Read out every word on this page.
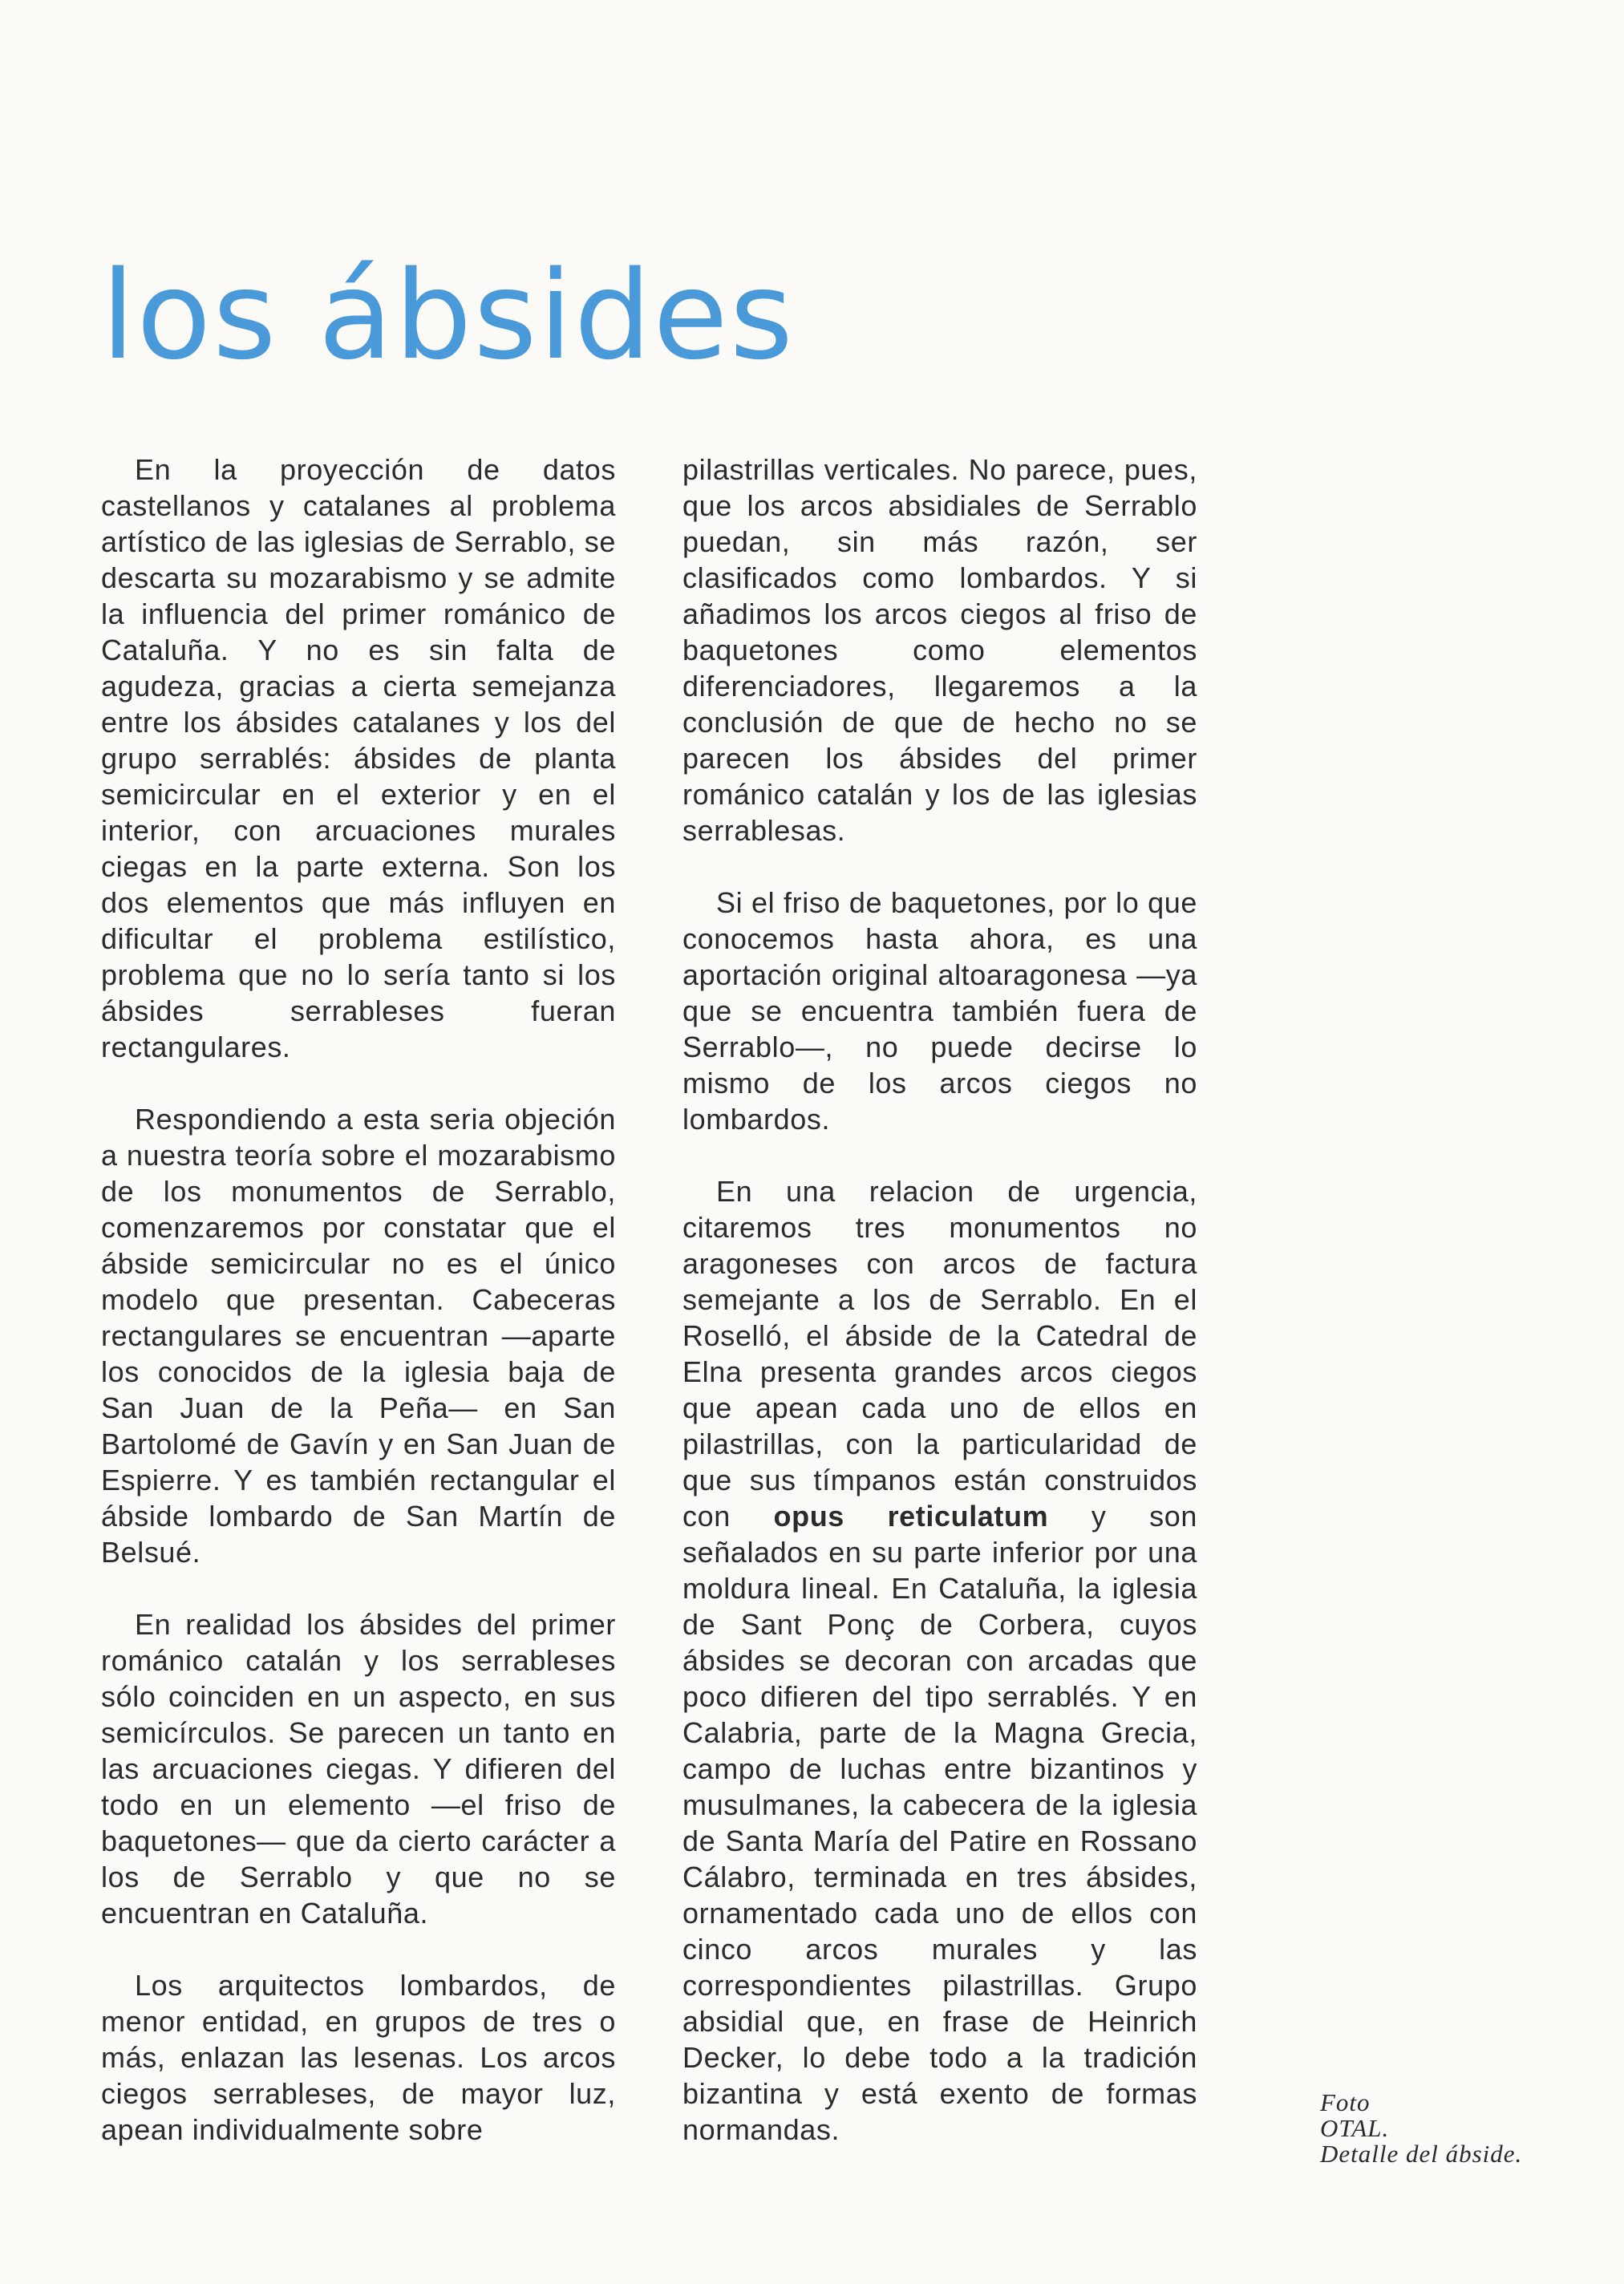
los ábsides

En la proyección de datos castellanos y catalanes al problema artístico de las iglesias de Serrablo, se descarta su mozarabismo y se admite la influencia del primer románico de Cataluña. Y no es sin falta de agudeza, gracias a cierta semejanza entre los ábsides catalanes y los del grupo serrablés: ábsides de planta semicircular en el exterior y en el interior, con arcuaciones murales ciegas en la parte externa. Son los dos elementos que más influyen en dificultar el problema estilístico, problema que no lo sería tanto si los ábsides serrableses fueran rectangulares.

Respondiendo a esta seria objeción a nuestra teoría sobre el mozarabismo de los monumentos de Serrablo, comenzaremos por constatar que el ábside semicircular no es el único modelo que presentan. Cabeceras rectangulares se encuentran —aparte los conocidos de la iglesia baja de San Juan de la Peña— en San Bartolomé de Gavín y en San Juan de Espierre. Y es también rectangular el ábside lombardo de San Martín de Belsué.

En realidad los ábsides del primer románico catalán y los serrableses sólo coinciden en un aspecto, en sus semicírculos. Se parecen un tanto en las arcuaciones ciegas. Y difieren del todo en un elemento —el friso de baquetones— que da cierto carácter a los de Serrablo y que no se encuentran en Cataluña.

Los arquitectos lombardos, de menor entidad, en grupos de tres o más, enlazan las lesenas. Los arcos ciegos serrableses, de mayor luz, apean individualmente sobre

pilastrillas verticales. No parece, pues, que los arcos absidiales de Serrablo puedan, sin más razón, ser clasificados como lombardos. Y si añadimos los arcos ciegos al friso de baquetones como elementos diferenciadores, llegaremos a la conclusión de que de hecho no se parecen los ábsides del primer románico catalán y los de las iglesias serrablesas.

Si el friso de baquetones, por lo que conocemos hasta ahora, es una aportación original altoaragonesa —ya que se encuentra también fuera de Serrablo—, no puede decirse lo mismo de los arcos ciegos no lombardos.

En una relacion de urgencia, citaremos tres monumentos no aragoneses con arcos de factura semejante a los de Serrablo. En el Roselló, el ábside de la Catedral de Elna presenta grandes arcos ciegos que apean cada uno de ellos en pilastrillas, con la particularidad de que sus tímpanos están construidos con opus reticulatum y son señalados en su parte inferior por una moldura lineal. En Cataluña, la iglesia de Sant Ponç de Corbera, cuyos ábsides se decoran con arcadas que poco difieren del tipo serrablés. Y en Calabria, parte de la Magna Grecia, campo de luchas entre bizantinos y musulmanes, la cabecera de la iglesia de Santa María del Patire en Rossano Cálabro, terminada en tres ábsides, ornamentado cada uno de ellos con cinco arcos murales y las correspondientes pilastrillas. Grupo absidial que, en frase de Heinrich Decker, lo debe todo a la tradición bizantina y está exento de formas normandas.

Foto
OTAL.
Detalle del ábside.
